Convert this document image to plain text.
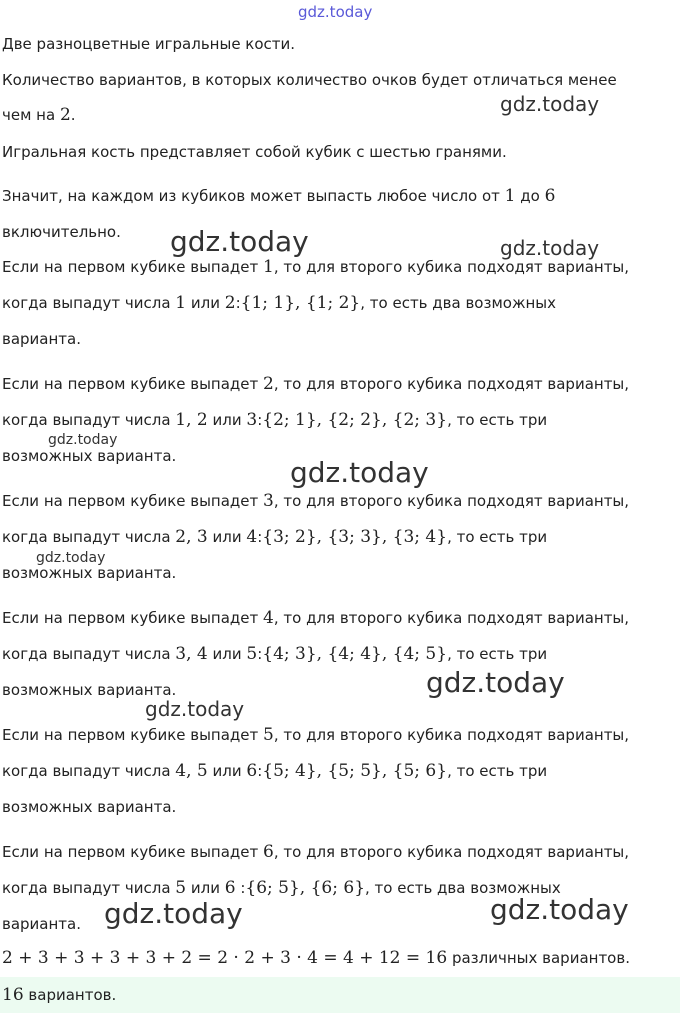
gdz.today
Две разноцветные игральные кости.
Количество вариантов, в которых количество очков будет отличаться менее
чем на 2.
Игральная кость представляет собой кубик с шестью гранями.
Значит, на каждом из кубиков может выпасть любое число от 1 до 6
включительно.
Если на первом кубике выпадет 1, то для второго кубика подходят варианты,
когда выпадут числа 1 или 2:{1; 1}, {1; 2}, то есть два возможных
варианта.
Если на первом кубике выпадет 2, то для второго кубика подходят варианты,
когда выпадут числа 1, 2 или 3:{2; 1}, {2; 2}, {2; 3}, то есть три
возможных варианта.
Если на первом кубике выпадет 3, то для второго кубика подходят варианты,
когда выпадут числа 2, 3 или 4:{3; 2}, {3; 3}, {3; 4}, то есть три
возможных варианта.
Если на первом кубике выпадет 4, то для второго кубика подходят варианты,
когда выпадут числа 3, 4 или 5:{4; 3}, {4; 4}, {4; 5}, то есть три
возможных варианта.
Если на первом кубике выпадет 5, то для второго кубика подходят варианты,
когда выпадут числа 4, 5 или 6:{5; 4}, {5; 5}, {5; 6}, то есть три
возможных варианта.
Если на первом кубике выпадет 6, то для второго кубика подходят варианты,
когда выпадут числа 5 или 6 :{6; 5}, {6; 6}, то есть два возможных
варианта.
2 + 3 + 3 + 3 + 3 + 2 = 2 · 2 + 3 · 4 = 4 + 12 = 16 различных вариантов.
16 вариантов.
gdz.today
gdz.today	gdz.today
gdz.today
gdz.today
gdz.today
gdz.today
gdz.today
gdz.today	gdz.today
